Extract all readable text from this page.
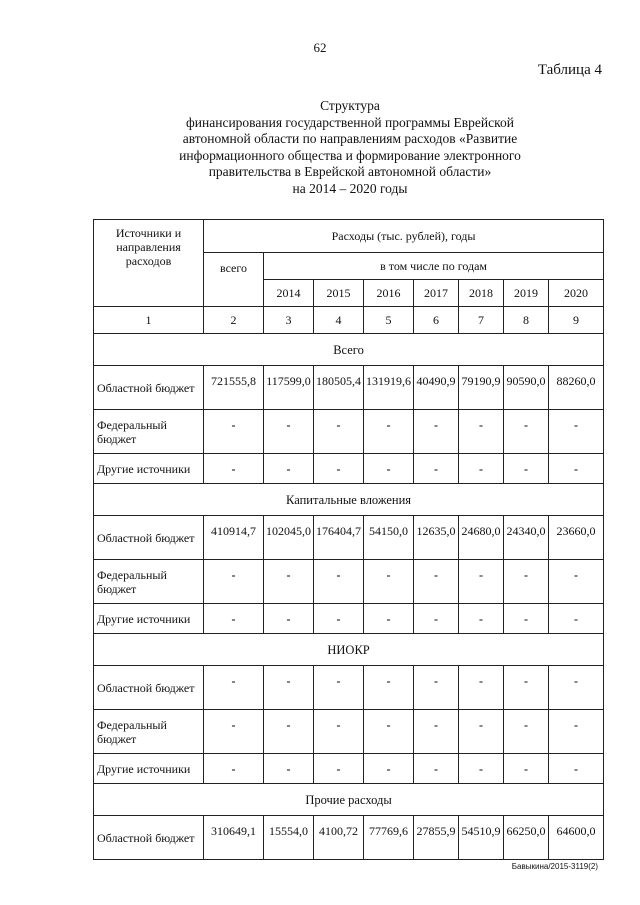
62
Таблица 4
Структура
финансирования государственной программы Еврейской
автономной области по направлениям расходов «Развитие
информационного общества и формирование электронного
правительства в Еврейской автономной области»
на 2014 – 2020 годы
Источники и направления расходов	Расходы (тыс. рублей), годы							
	всего	в том числе по годам						
		2014	2015	2016	2017	2018	2019	2020
1	2	3	4	5	6	7	8	9
Всего								
Областной бюджет	721555,8	117599,0	180505,4	131919,6	40490,9	79190,9	90590,0	88260,0
Федеральный бюджет	-	-	-	-	-	-	-	-
Другие источники	-	-	-	-	-	-	-	-
Капитальные вложения								
Областной бюджет	410914,7	102045,0	176404,7	54150,0	12635,0	24680,0	24340,0	23660,0
Федеральный бюджет	-	-	-	-	-	-	-	-
Другие источники	-	-	-	-	-	-	-	-
НИОКР								
Областной бюджет	-	-	-	-	-	-	-	-
Федеральный бюджет	-	-	-	-	-	-	-	-
Другие источники	-	-	-	-	-	-	-	-
Прочие расходы								
Областной бюджет	310649,1	15554,0	4100,72	77769,6	27855,9	54510,9	66250,0	64600,0
Бавыкина/2015-3119(2)
